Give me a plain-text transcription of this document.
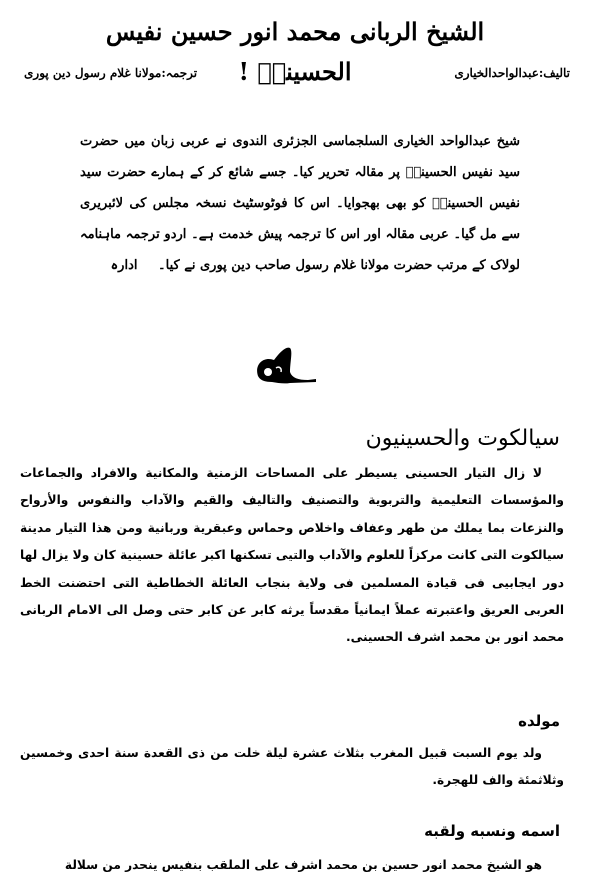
الشیخ الربانی محمد انور حسین نفیس الحسینیؒ !	تالیف:عبدالواحدالخیاری
ترجمہ:مولانا غلام رسول دین پوری
شیخ عبدالواحد الخیاری السلجماسی الجزئری الندوی نے عربی زبان میں حضرت سید نفیس الحسینیؒ پر مقالہ تحریر کیا۔ جسے شائع کر کے ہمارے حضرت سید نفیس الحسینیؒ کو بھی بھجوایا۔ اس کا فوٹوسٹیٹ نسخہ مجلس کی لائبریری سے مل گیا۔ عربی مقالہ اور اس کا ترجمہ پیش خدمت ہے۔ اردو ترجمہ ماہنامہ لولاک کے مرتب حضرت مولانا غلام رسول صاحب دین پوری نے کیا۔ ادارہ
سيالكوت والحسينيون
لا زال التيار الحسينى يسيطر على المساحات الزمنية والمكانية والافراد والجماعات والمؤسسات التعليمية والتربوية والتصنيف والتاليف والقيم والآداب والنفوس والأرواح والنزعات بما يملك من طهر وعفاف واخلاص وحماس وعبقرية وربانية ومن هذا التيار مدينة سيالكوت التى كانت مركزاً للعلوم والآداب والتيى تسكنها اكبر عائلة حسينية كان ولا يزال لها دور ايجابيى فى قيادة المسلمين فى ولاية بنجاب العائلة الخطاطية التى احتضنت الخط العربى العريق واعتبرته عملاً ايمانياً مقدساً يرثه كابر عن كابر حتى وصل الى الامام الربانى محمد انور بن محمد اشرف الحسينى.
مولده
ولد يوم السبت قبيل المغرب بثلاث عشرة ليلة خلت من ذى القعدة سنة احدى وخمسين وثلاثمئة والف للهجرة.
اسمه ونسبه ولقبه
هو الشيخ محمد انور حسين بن محمد اشرف على الملقب بنفيس ينحدر من سلالة
